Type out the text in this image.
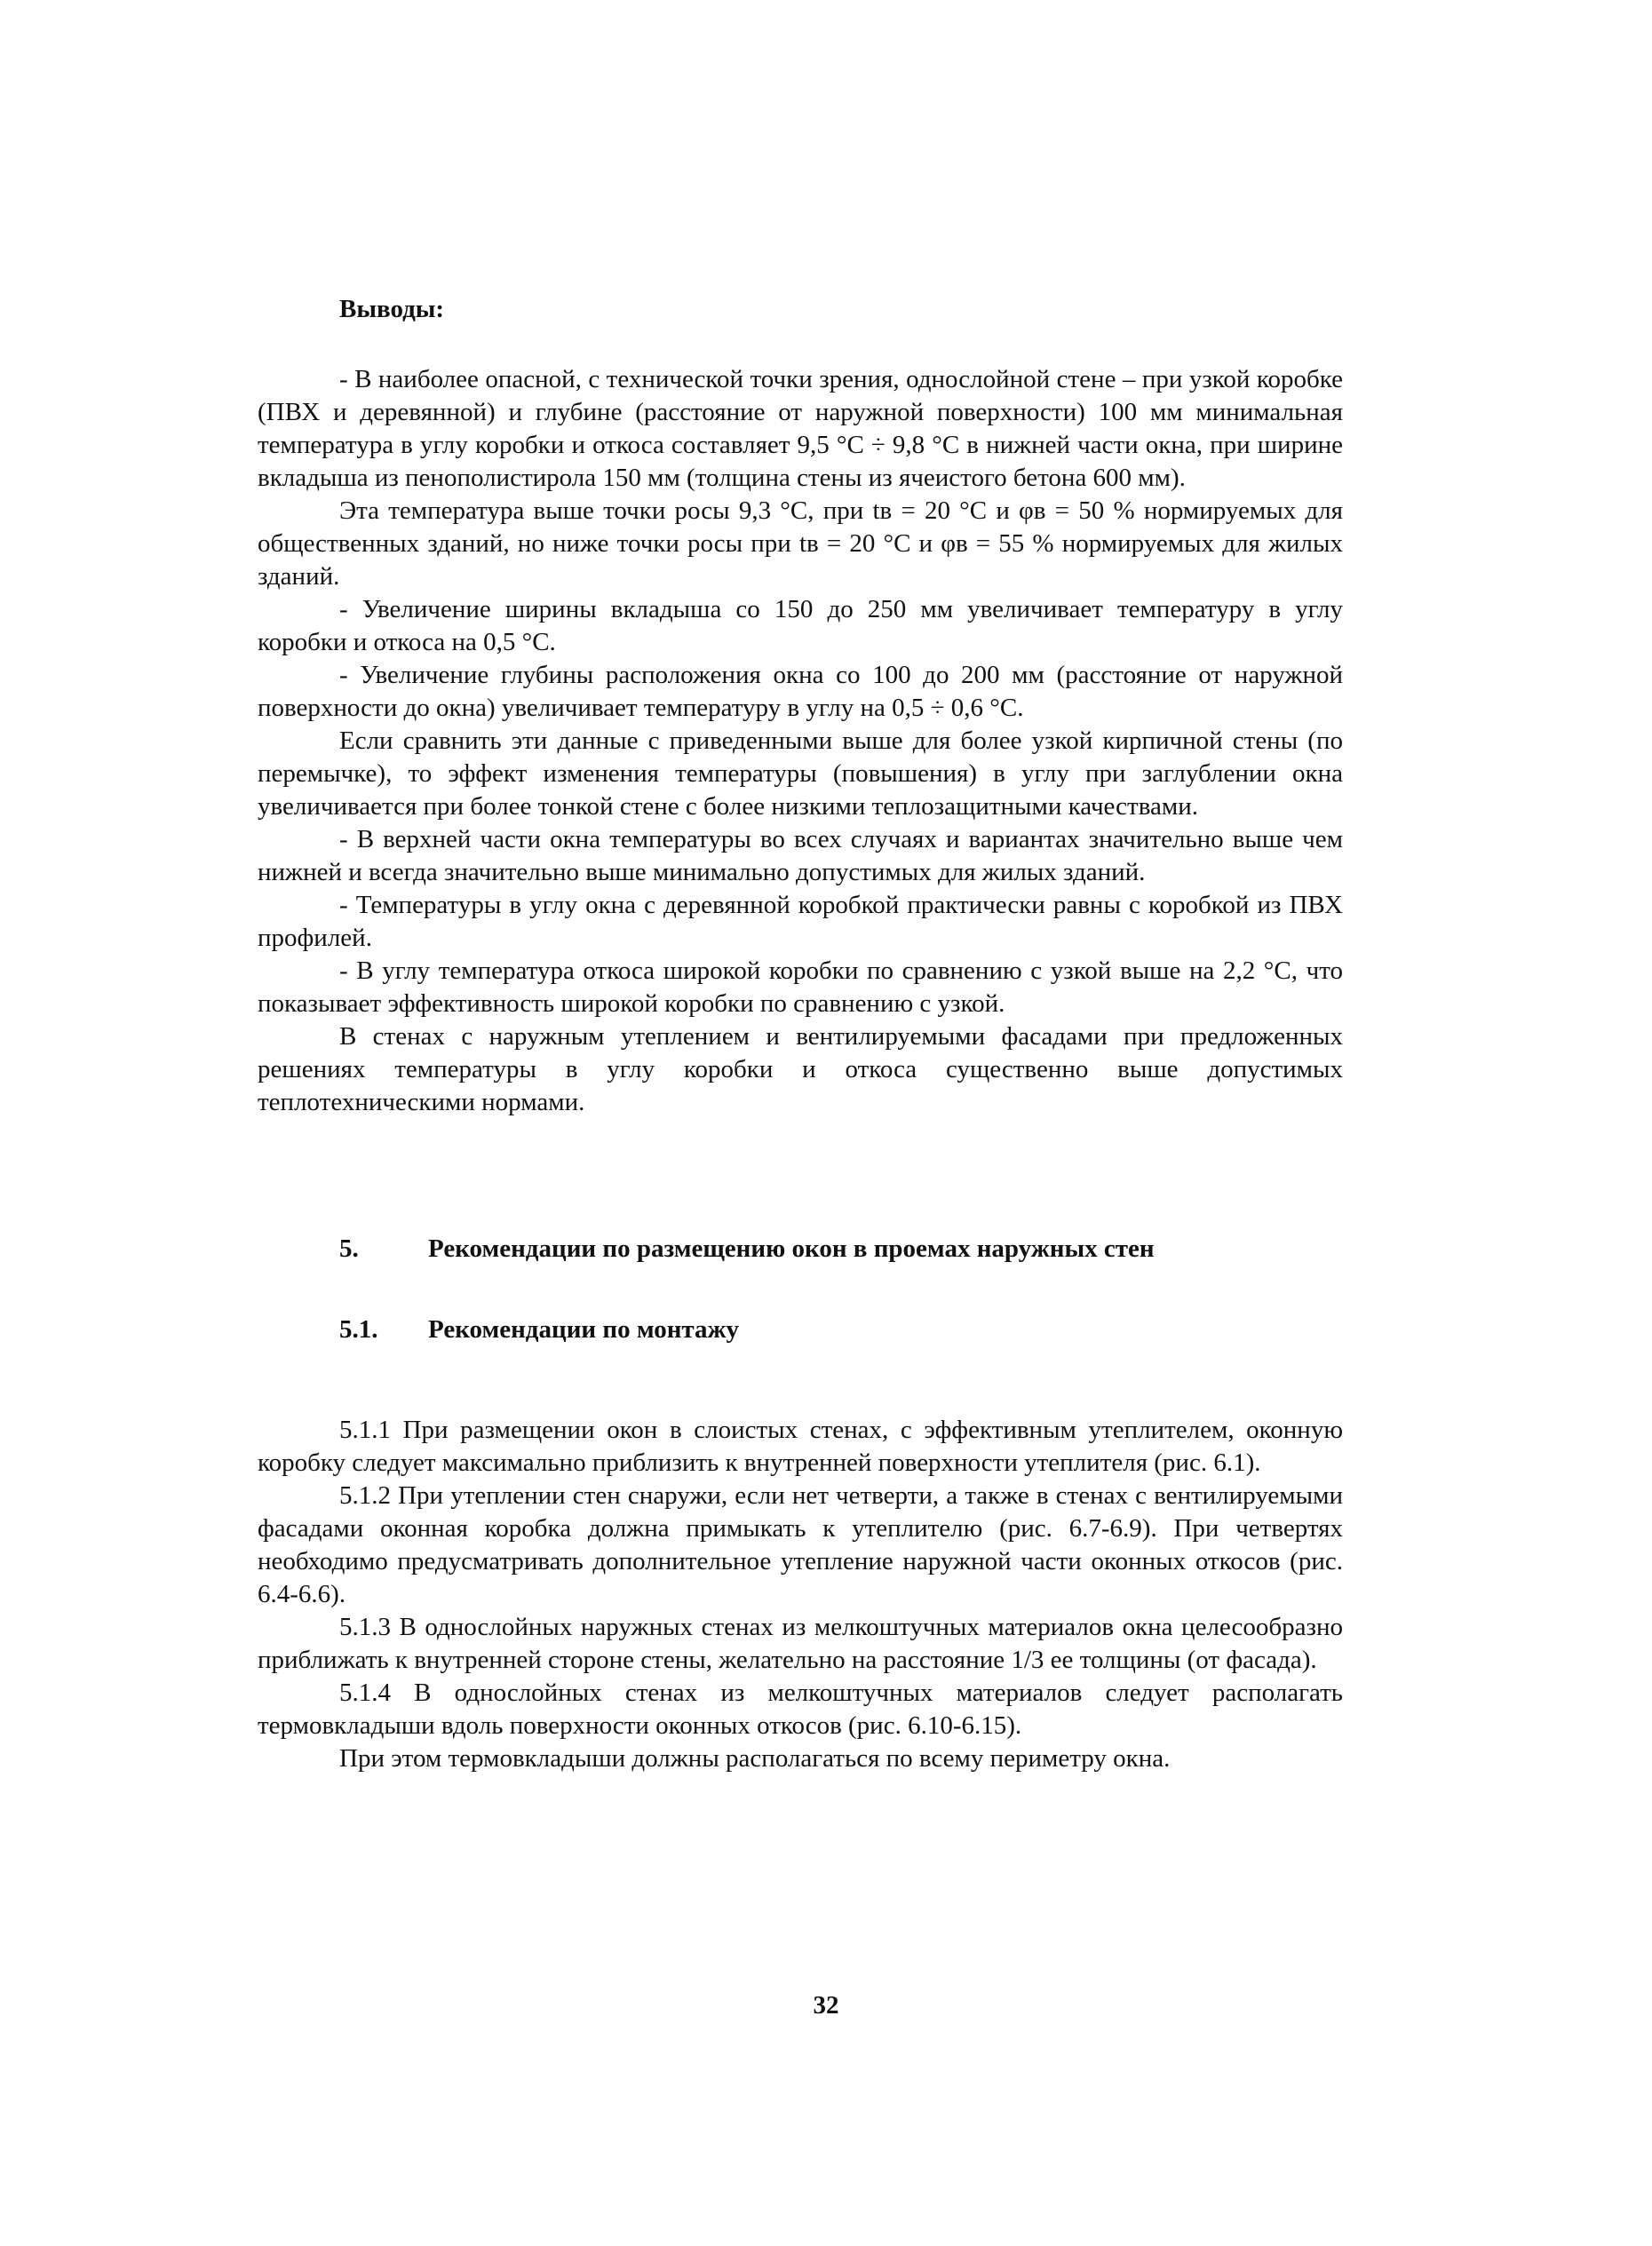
Выводы:

- В наиболее опасной, с технической точки зрения, однослойной стене – при узкой коробке (ПВХ и деревянной) и глубине (расстояние от наружной поверхности) 100 мм минимальная температура в углу коробки и откоса составляет 9,5 °С ÷ 9,8 °С в нижней части окна, при ширине вкладыша из пенополистирола 150 мм (толщина стены из ячеистого бетона 600 мм).

Эта температура выше точки росы 9,3 °С, при tв = 20 °С и φв = 50 % нормируемых для общественных зданий, но ниже точки росы при tв = 20 °С и φв = 55 % нормируемых для жилых зданий.

- Увеличение ширины вкладыша со 150 до 250 мм увеличивает температуру в углу коробки и откоса на 0,5 °С.

- Увеличение глубины расположения окна со 100 до 200 мм (расстояние от наружной поверхности до окна) увеличивает температуру в углу на 0,5 ÷ 0,6 °С.

Если сравнить эти данные с приведенными выше для более узкой кирпичной стены (по перемычке), то эффект изменения температуры (повышения) в углу при заглублении окна увеличивается при более тонкой стене с более низкими теплозащитными качествами.

- В верхней части окна температуры во всех случаях и вариантах значительно выше чем нижней и всегда значительно выше минимально допустимых для жилых зданий.

- Температуры в углу окна с деревянной коробкой практически равны с коробкой из ПВХ профилей.

- В углу температура откоса широкой коробки по сравнению с узкой выше на 2,2 °С, что показывает эффективность широкой коробки по сравнению с узкой.

В стенах с наружным утеплением и вентилируемыми фасадами при предложенных решениях температуры в углу коробки и откоса существенно выше допустимых теплотехническими нормами.

5.	Рекомендации по размещению окон в проемах наружных стен
5.1.	Рекомендации по монтажу

5.1.1 При размещении окон в слоистых стенах, с эффективным утеплителем, оконную коробку следует максимально приблизить к внутренней поверхности утеплителя (рис. 6.1).

5.1.2 При утеплении стен снаружи, если нет четверти, а также в стенах с вентилируемыми фасадами оконная коробка должна примыкать к утеплителю (рис. 6.7-6.9). При четвертях необходимо предусматривать дополнительное утепление наружной части оконных откосов (рис. 6.4-6.6).

5.1.3 В однослойных наружных стенах из мелкоштучных материалов окна целесообразно приближать к внутренней стороне стены, желательно на расстояние 1/3 ее толщины (от фасада).

5.1.4 В однослойных стенах из мелкоштучных материалов следует располагать термовкладыши вдоль поверхности оконных откосов (рис. 6.10-6.15).

При этом термовкладыши должны располагаться по всему периметру окна.

32
